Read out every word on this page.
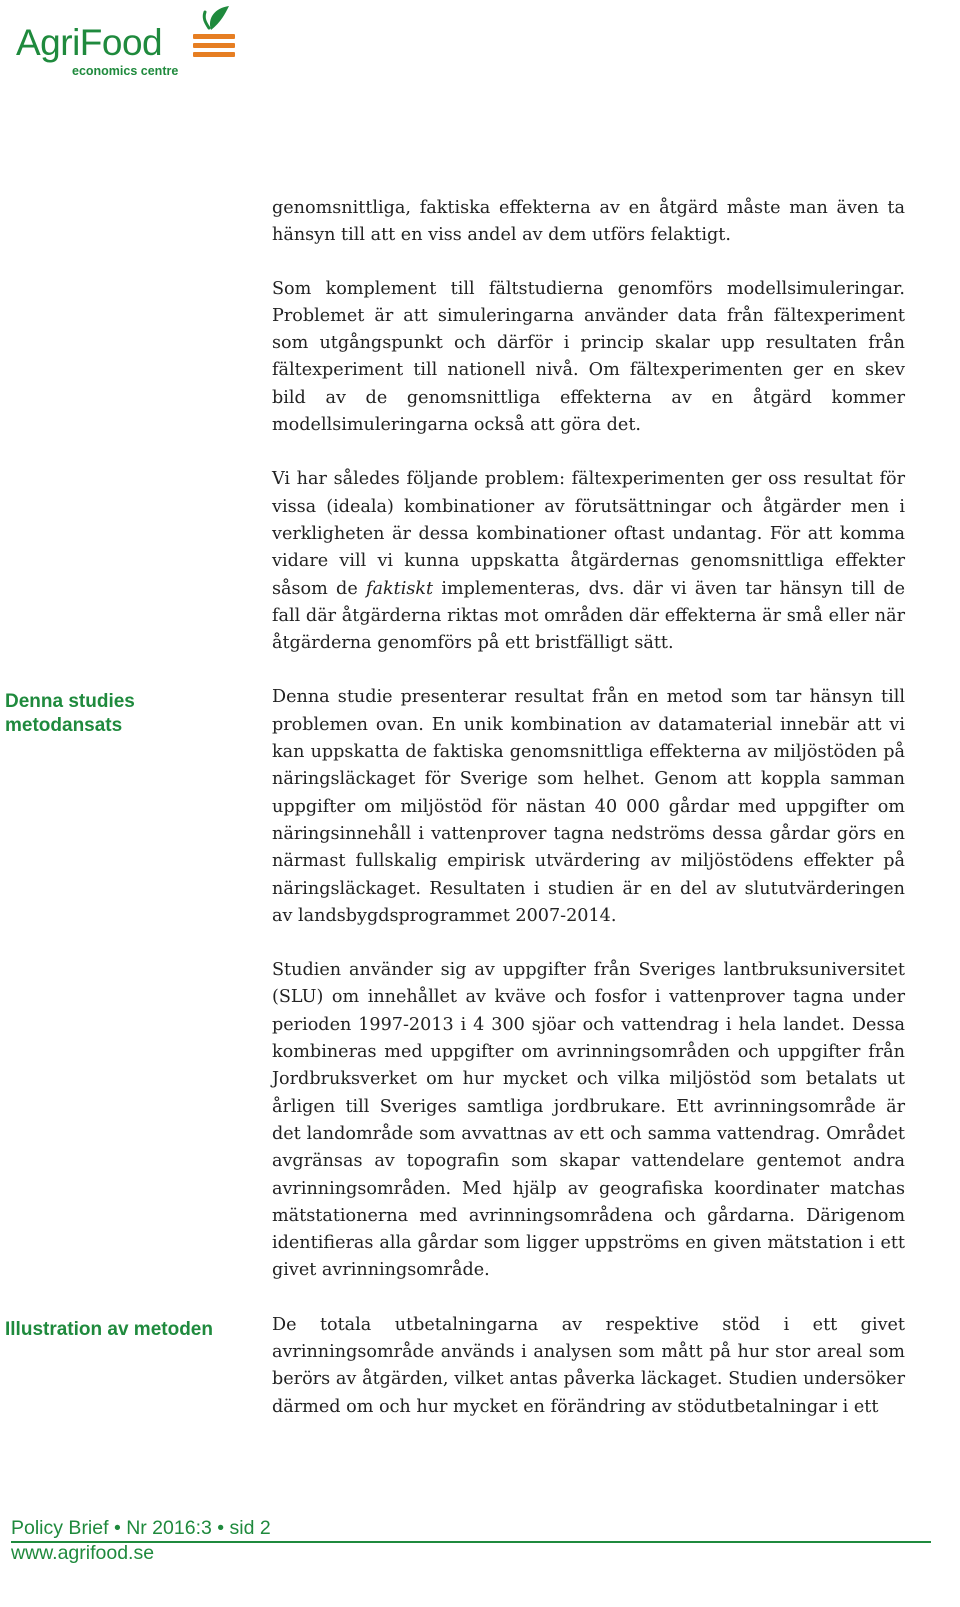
AgriFood
economics centre
Denna studies metodansats
Illustration av metoden

genomsnittliga, faktiska effekterna av en åtgärd måste man även ta hänsyn till att en viss andel av dem utförs felaktigt.

Som komplement till fältstudierna genomförs modellsimuleringar. Problemet är att simuleringarna använder data från fältexperiment som utgångspunkt och därför i princip skalar upp resultaten från fältexperiment till nationell nivå. Om fältexperimenten ger en skev bild av de genomsnittliga effekterna av en åtgärd kommer modellsimuleringarna också att göra det.

Vi har således följande problem: fältexperimenten ger oss resultat för vissa (ideala) kombinationer av förutsättningar och åtgärder men i verkligheten är dessa kombinationer oftast undantag. För att komma vidare vill vi kunna uppskatta åtgärdernas genomsnittliga effekter såsom de faktiskt implementeras, dvs. där vi även tar hänsyn till de fall där åtgärderna riktas mot områden där effekterna är små eller när åtgärderna genomförs på ett bristfälligt sätt.

Denna studie presenterar resultat från en metod som tar hänsyn till problemen ovan. En unik kombination av datamaterial innebär att vi kan uppskatta de faktiska genomsnittliga effekterna av miljöstöden på näringsläckaget för Sverige som helhet. Genom att koppla samman uppgifter om miljöstöd för nästan 40 000 gårdar med uppgifter om näringsinnehåll i vattenprover tagna nedströms dessa gårdar görs en närmast fullskalig empirisk utvärdering av miljöstödens effekter på näringsläckaget. Resultaten i studien är en del av slututvärderingen av landsbygdsprogrammet 2007-2014.

Studien använder sig av uppgifter från Sveriges lantbruksuniversitet (SLU) om innehållet av kväve och fosfor i vattenprover tagna under perioden 1997-2013 i 4 300 sjöar och vattendrag i hela landet. Dessa kombineras med uppgifter om avrinningsområden och uppgifter från Jordbruksverket om hur mycket och vilka miljöstöd som betalats ut årligen till Sveriges samtliga jordbrukare. Ett avrinningsområde är det landområde som avvattnas av ett och samma vattendrag. Området avgränsas av topografin som skapar vattendelare gentemot andra avrinningsområden. Med hjälp av geografiska koordinater matchas mätstationerna med avrinningsområdena och gårdarna. Därigenom identifieras alla gårdar som ligger uppströms en given mätstation i ett givet avrinningsområde.

De totala utbetalningarna av respektive stöd i ett givet avrinningsområde används i analysen som mått på hur stor areal som berörs av åtgärden, vilket antas påverka läckaget. Studien undersöker därmed om och hur mycket en förändring av stödutbetalningar i ett

Policy Brief • Nr 2016:3 • sid 2
www.agrifood.se
